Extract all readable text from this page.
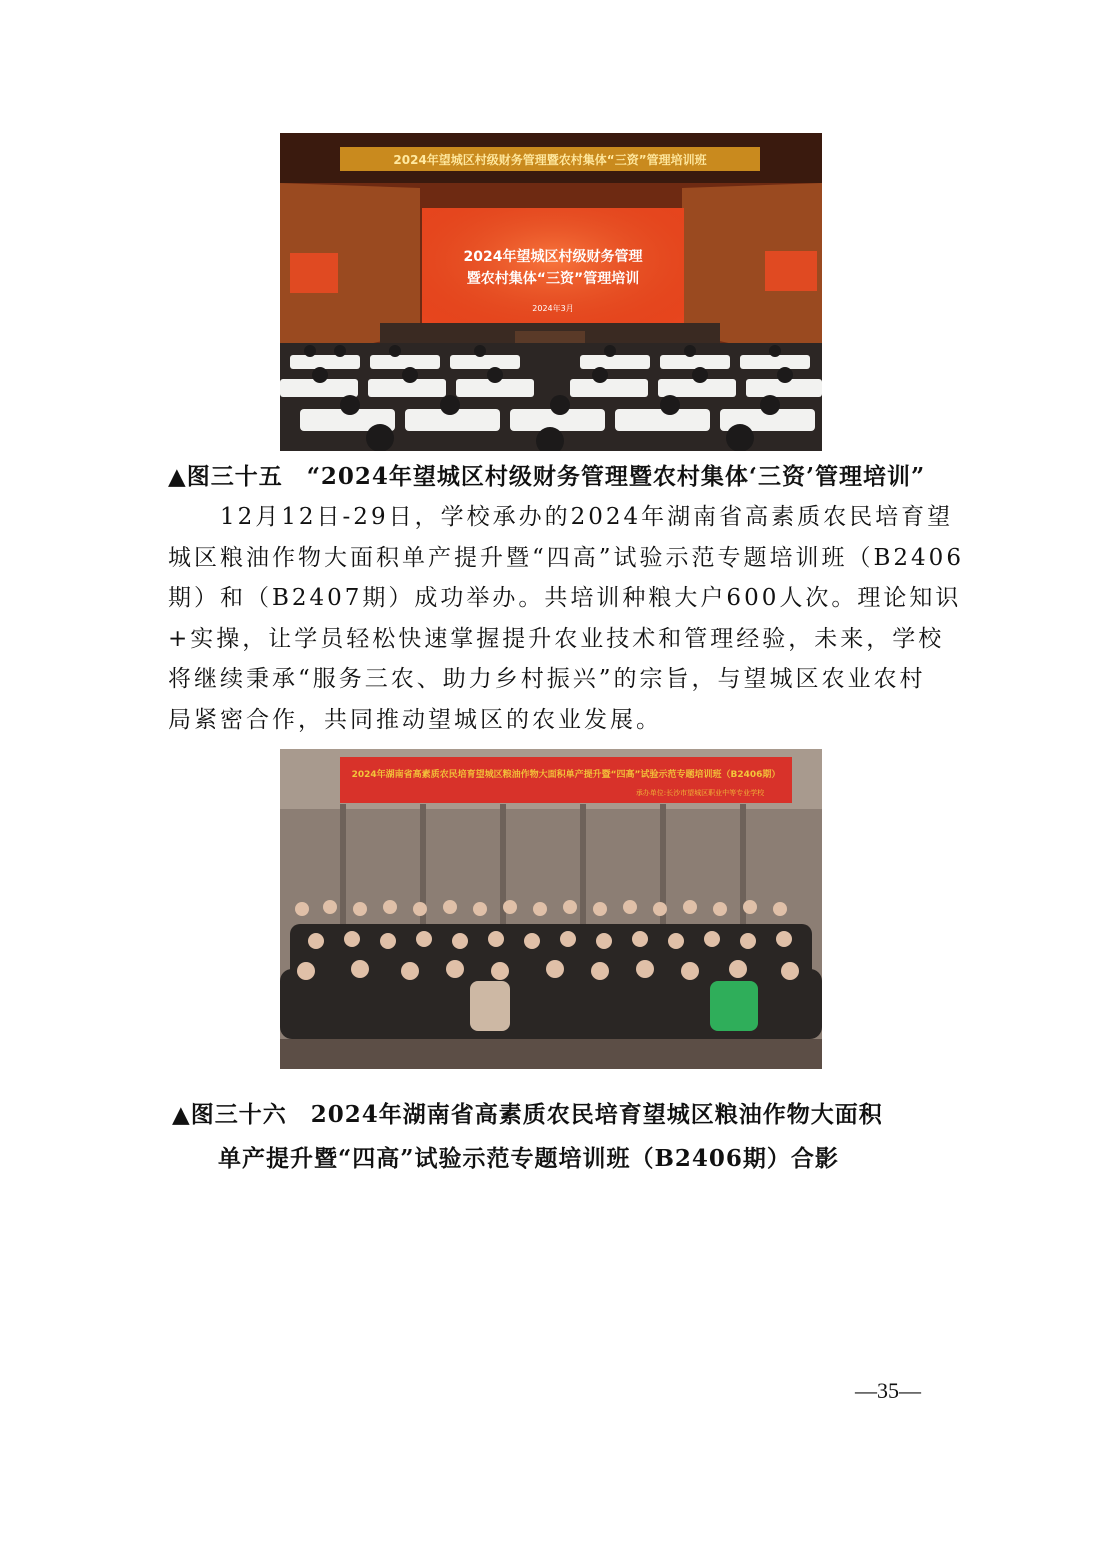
2024年望城区村级财务管理暨农村集体“三资”管理培训班
2024年望城区村级财务管理
暨农村集体“三资”管理培训
2024年3月
▲图三十五　“2024年望城区村级财务管理暨农村集体‘三资’管理培训”

　　12月12日-29日，学校承办的2024年湖南省高素质农民培育望
城区粮油作物大面积单产提升暨“四高”试验示范专题培训班（B2406
期）和（B2407期）成功举办。共培训种粮大户600人次。理论知识
+实操，让学员轻松快速掌握提升农业技术和管理经验，未来，学校
将继续秉承“服务三农、助力乡村振兴”的宗旨，与望城区农业农村
局紧密合作，共同推动望城区的农业发展。

2024年湖南省高素质农民培育望城区粮油作物大面积单产提升暨“四高”试验示范专题培训班（B2406期）
承办单位:长沙市望城区职业中等专业学校
▲图三十六　2024年湖南省高素质农民培育望城区粮油作物大面积
单产提升暨“四高”试验示范专题培训班（B2406期）合影
—35—
